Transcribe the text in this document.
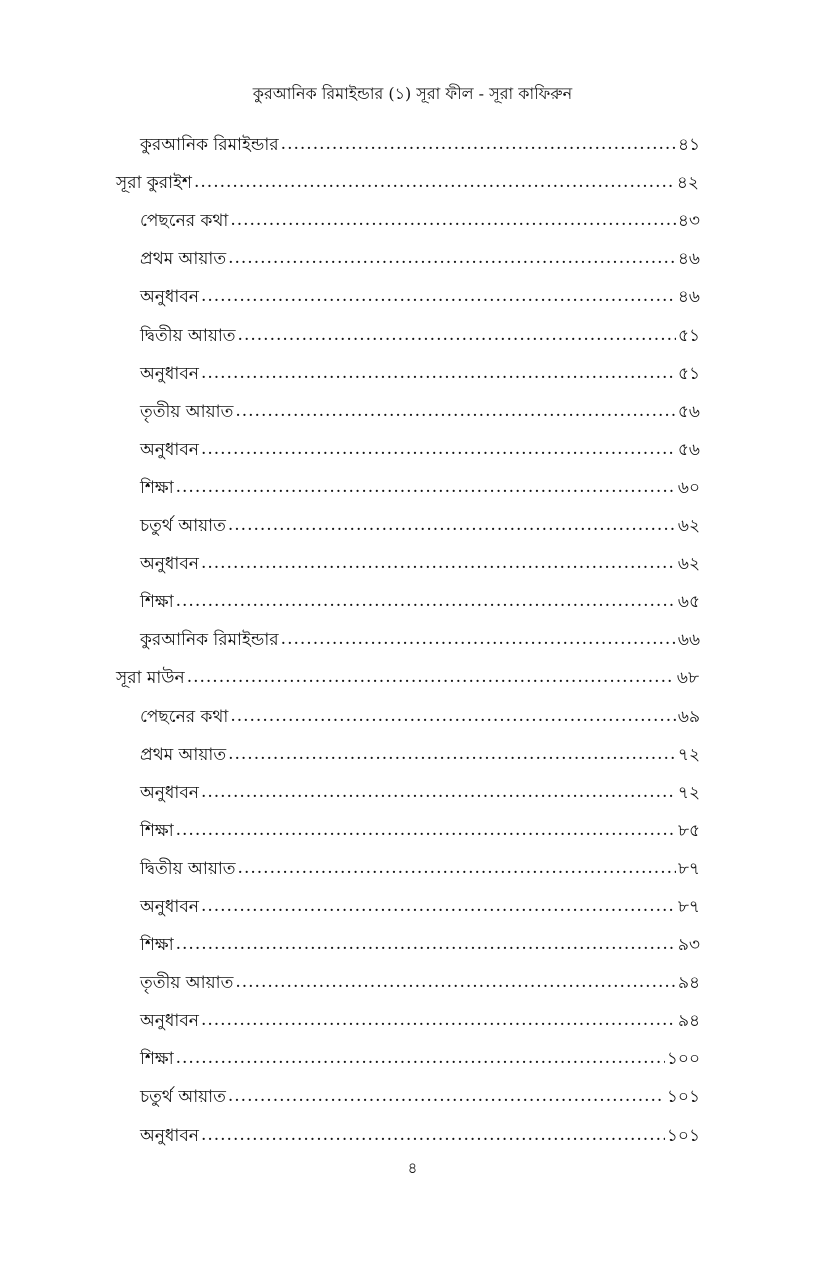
কুরআনিক রিমাইন্ডার (১) সূরা ফীল - সূরা কাফিরুন

কুরআনিক রিমাইন্ডার .....	৪১
সূরা কুরাইশ .....	৪২
পেছনের কথা .....	৪৩
প্রথম আয়াত .....	৪৬
অনুধাবন .....	৪৬
দ্বিতীয় আয়াত .....	৫১
অনুধাবন .....	৫১
তৃতীয় আয়াত .....	৫৬
অনুধাবন .....	৫৬
শিক্ষা .....	৬০
চতুর্থ আয়াত .....	৬২
অনুধাবন .....	৬২
শিক্ষা .....	৬৫
কুরআনিক রিমাইন্ডার .....	৬৬
সূরা মাউন .....	৬৮
পেছনের কথা .....	৬৯
প্রথম আয়াত .....	৭২
অনুধাবন .....	৭২
শিক্ষা .....	৮৫
দ্বিতীয় আয়াত .....	৮৭
অনুধাবন .....	৮৭
শিক্ষা .....	৯৩
তৃতীয় আয়াত .....	৯৪
অনুধাবন .....	৯৪
শিক্ষা .....	১০০
চতুর্থ আয়াত .....	১০১
অনুধাবন .....	১০১

৪
